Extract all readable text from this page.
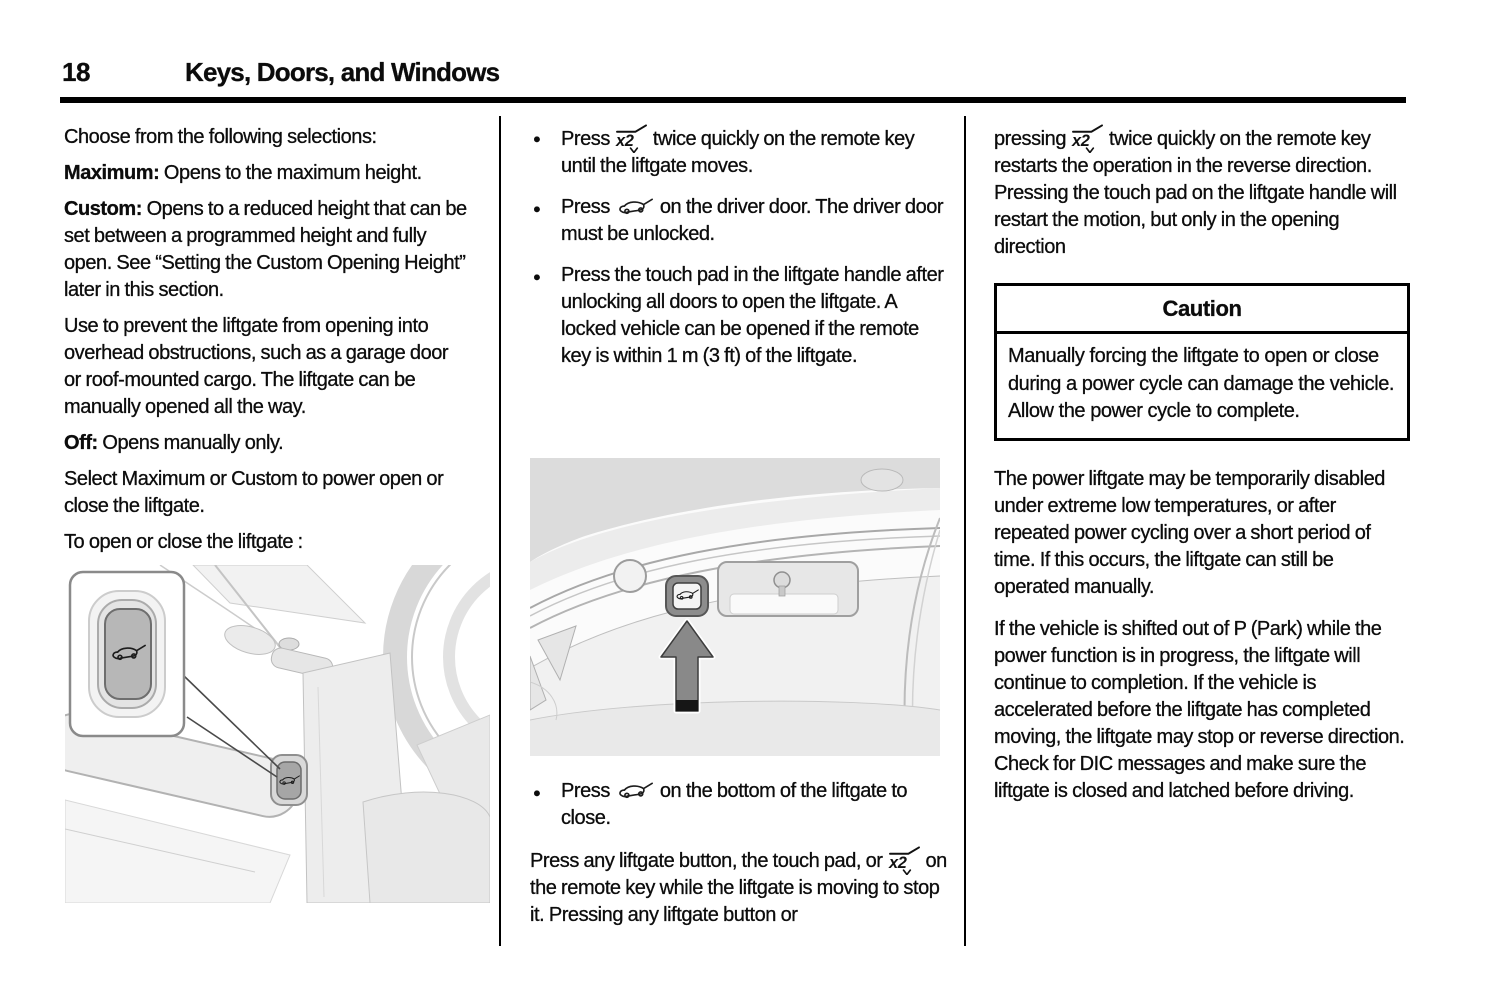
18	Keys, Doors, and Windows

Choose from the following selections:

Maximum: Opens to the maximum height.

Custom: Opens to a reduced height that can be set between a programmed height and fully open. See “Setting the Custom Opening Height” later in this section.

Use to prevent the liftgate from opening into overhead obstructions, such as a garage door or roof-mounted cargo. The liftgate can be manually opened all the way.

Off: Opens manually only.

Select Maximum or Custom to power open or close the liftgate.

To open or close the liftgate :

● Press x2 twice quickly on the remote key until the liftgate moves.
● Press	on the driver door. The driver door must be unlocked.
● Press the touch pad in the liftgate handle after unlocking all doors to open the liftgate. A locked vehicle can be opened if the remote key is within 1 m (3 ft) of the liftgate.
● Press	on the bottom of the liftgate to close.
Press any liftgate button, the touch pad, or x2 on the remote key while the liftgate is moving to stop it. Pressing any liftgate button or

pressing x2 twice quickly on the remote key restarts the operation in the reverse direction. Pressing the touch pad on the liftgate handle will restart the motion, but only in the opening direction

Caution
Manually forcing the liftgate to open or close during a power cycle can damage the vehicle. Allow the power cycle to complete.

The power liftgate may be temporarily disabled under extreme low temperatures, or after repeated power cycling over a short period of time. If this occurs, the liftgate can still be operated manually.

If the vehicle is shifted out of P (Park) while the power function is in progress, the liftgate will continue to completion. If the vehicle is accelerated before the liftgate has completed moving, the liftgate may stop or reverse direction. Check for DIC messages and make sure the liftgate is closed and latched before driving.
